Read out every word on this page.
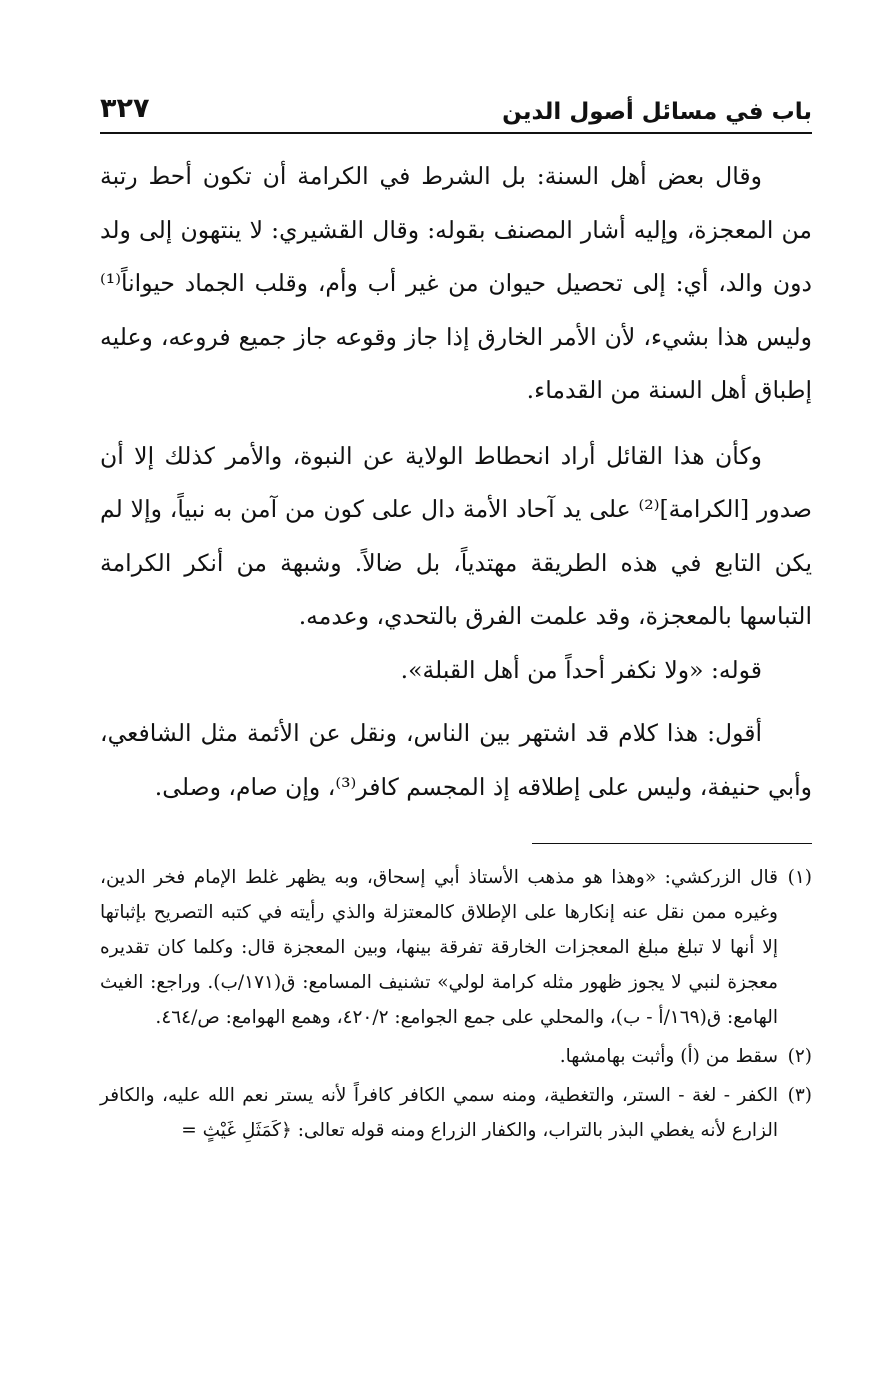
باب في مسائل أصول الدين
٣٢٧

وقال بعض أهل السنة: بل الشرط في الكرامة أن تكون أحط رتبة من المعجزة، وإليه أشار المصنف بقوله: وقال القشيري: لا ينتهون إلى ولد دون والد، أي: إلى تحصيل حيوان من غير أب وأم، وقلب الجماد حيواناً⁽¹⁾ وليس هذا بشيء، لأن الأمر الخارق إذا جاز وقوعه جاز جميع فروعه، وعليه إطباق أهل السنة من القدماء.

وكأن هذا القائل أراد انحطاط الولاية عن النبوة، والأمر كذلك إلا أن صدور [الكرامة]⁽²⁾ على يد آحاد الأمة دال على كون من آمن به نبياً، وإلا لم يكن التابع في هذه الطريقة مهتدياً، بل ضالاً. وشبهة من أنكر الكرامة التباسها بالمعجزة، وقد علمت الفرق بالتحدي، وعدمه.

قوله: «ولا نكفر أحداً من أهل القبلة».

أقول: هذا كلام قد اشتهر بين الناس، ونقل عن الأئمة مثل الشافعي، وأبي حنيفة، وليس على إطلاقه إذ المجسم كافر⁽³⁾، وإن صام، وصلى.

(١)
قال الزركشي: «وهذا هو مذهب الأستاذ أبي إسحاق، وبه يظهر غلط الإمام فخر الدين، وغيره ممن نقل عنه إنكارها على الإطلاق كالمعتزلة والذي رأيته في كتبه التصريح بإثباتها إلا أنها لا تبلغ مبلغ المعجزات الخارقة تفرقة بينها، وبين المعجزة قال: وكلما كان تقديره معجزة لنبي لا يجوز ظهور مثله كرامة لولي» تشنيف المسامع: ق(١٧١/ب). وراجع: الغيث الهامع: ق(١٦٩/أ - ب)، والمحلي على جمع الجوامع: ٤٢٠/٢، وهمع الهوامع: ص/٤٦٤.

(٢)
سقط من (أ) وأثبت بهامشها.

(٣)
الكفر - لغة - الستر، والتغطية، ومنه سمي الكافر كافراً لأنه يستر نعم الله عليه، والكافر الزارع لأنه يغطي البذر بالتراب، والكفار الزراع ومنه قوله تعالى: ﴿كَمَثَلِ غَيْثٍ =
